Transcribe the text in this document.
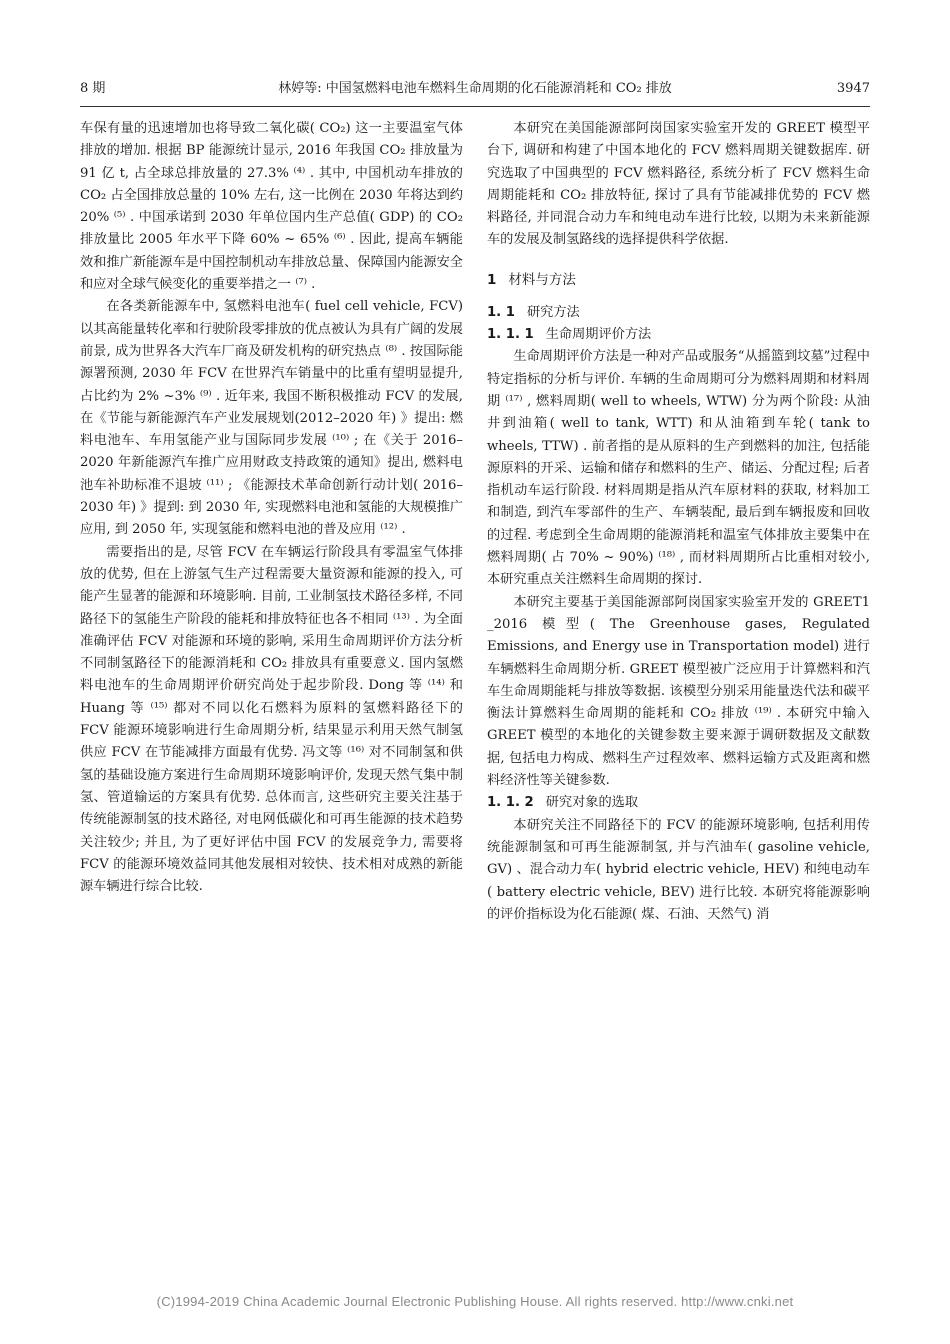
8 期	林婷等: 中国氢燃料电池车燃料生命周期的化石能源消耗和 CO₂ 排放	3947

车保有量的迅速增加也将导致二氧化碳( CO₂) 这一主要温室气体排放的增加. 根据 BP 能源统计显示, 2016 年我国 CO₂ 排放量为 91 亿 t, 占全球总排放量的 27.3% ⁽⁴⁾ . 其中, 中国机动车排放的 CO₂ 占全国排放总量的 10% 左右, 这一比例在 2030 年将达到约 20% ⁽⁵⁾ . 中国承诺到 2030 年单位国内生产总值( GDP) 的 CO₂ 排放量比 2005 年水平下降 60% ~ 65% ⁽⁶⁾ . 因此, 提高车辆能效和推广新能源车是中国控制机动车排放总量、保障国内能源安全和应对全球气候变化的重要举措之一 ⁽⁷⁾ .

在各类新能源车中, 氢燃料电池车( fuel cell vehicle, FCV) 以其高能量转化率和行驶阶段零排放的优点被认为具有广阔的发展前景, 成为世界各大汽车厂商及研发机构的研究热点 ⁽⁸⁾ . 按国际能源署预测, 2030 年 FCV 在世界汽车销量中的比重有望明显提升, 占比约为 2% ~3% ⁽⁹⁾ . 近年来, 我国不断积极推动 FCV 的发展, 在《节能与新能源汽车产业发展规划(2012–2020 年) 》提出: 燃料电池车、车用氢能产业与国际同步发展 ⁽¹⁰⁾ ; 在《关于 2016–2020 年新能源汽车推广应用财政支持政策的通知》提出, 燃料电池车补助标准不退坡 ⁽¹¹⁾ ; 《能源技术革命创新行动计划( 2016–2030 年) 》提到: 到 2030 年, 实现燃料电池和氢能的大规模推广应用, 到 2050 年, 实现氢能和燃料电池的普及应用 ⁽¹²⁾ .

需要指出的是, 尽管 FCV 在车辆运行阶段具有零温室气体排放的优势, 但在上游氢气生产过程需要大量资源和能源的投入, 可能产生显著的能源和环境影响. 目前, 工业制氢技术路径多样, 不同路径下的氢能生产阶段的能耗和排放特征也各不相同 ⁽¹³⁾ . 为全面准确评估 FCV 对能源和环境的影响, 采用生命周期评价方法分析不同制氢路径下的能源消耗和 CO₂ 排放具有重要意义. 国内氢燃料电池车的生命周期评价研究尚处于起步阶段. Dong 等 ⁽¹⁴⁾ 和 Huang 等 ⁽¹⁵⁾ 都对不同以化石燃料为原料的氢燃料路径下的 FCV 能源环境影响进行生命周期分析, 结果显示利用天然气制氢供应 FCV 在节能减排方面最有优势. 冯文等 ⁽¹⁶⁾ 对不同制氢和供氢的基础设施方案进行生命周期环境影响评价, 发现天然气集中制氢、管道输运的方案具有优势. 总体而言, 这些研究主要关注基于传统能源制氢的技术路径, 对电网低碳化和可再生能源的技术趋势关注较少; 并且, 为了更好评估中国 FCV 的发展竞争力, 需要将 FCV 的能源环境效益同其他发展相对较快、技术相对成熟的新能源车辆进行综合比较.

本研究在美国能源部阿岗国家实验室开发的 GREET 模型平台下, 调研和构建了中国本地化的 FCV 燃料周期关键数据库. 研究选取了中国典型的 FCV 燃料路径, 系统分析了 FCV 燃料生命周期能耗和 CO₂ 排放特征, 探讨了具有节能减排优势的 FCV 燃料路径, 并同混合动力车和纯电动车进行比较, 以期为未来新能源车的发展及制氢路线的选择提供科学依据.

1 材料与方法
1. 1 研究方法
1. 1. 1 生命周期评价方法

生命周期评价方法是一种对产品或服务“从摇篮到坟墓”过程中特定指标的分析与评价. 车辆的生命周期可分为燃料周期和材料周期 ⁽¹⁷⁾ , 燃料周期( well to wheels, WTW) 分为两个阶段: 从油井到油箱( well to tank, WTT) 和从油箱到车轮( tank to wheels, TTW) . 前者指的是从原料的生产到燃料的加注, 包括能源原料的开采、运输和储存和燃料的生产、储运、分配过程; 后者指机动车运行阶段. 材料周期是指从汽车原材料的获取, 材料加工和制造, 到汽车零部件的生产、车辆装配, 最后到车辆报废和回收的过程. 考虑到全生命周期的能源消耗和温室气体排放主要集中在燃料周期( 占 70% ~ 90%) ⁽¹⁸⁾ , 而材料周期所占比重相对较小, 本研究重点关注燃料生命周期的探讨.

本研究主要基于美国能源部阿岗国家实验室开发的 GREET1 _2016 模型( The Greenhouse gases, Regulated Emissions, and Energy use in Transportation model) 进行车辆燃料生命周期分析. GREET 模型被广泛应用于计算燃料和汽车生命周期能耗与排放等数据. 该模型分别采用能量迭代法和碳平衡法计算燃料生命周期的能耗和 CO₂ 排放 ⁽¹⁹⁾ . 本研究中输入 GREET 模型的本地化的关键参数主要来源于调研数据及文献数据, 包括电力构成、燃料生产过程效率、燃料运输方式及距离和燃料经济性等关键参数.

1. 1. 2 研究对象的选取

本研究关注不同路径下的 FCV 的能源环境影响, 包括利用传统能源制氢和可再生能源制氢, 并与汽油车( gasoline vehicle, GV) 、混合动力车( hybrid electric vehicle, HEV) 和纯电动车( battery electric vehicle, BEV) 进行比较. 本研究将能源影响的评价指标设为化石能源( 煤、石油、天然气) 消

(C)1994-2019 China Academic Journal Electronic Publishing House. All rights reserved. http://www.cnki.net
